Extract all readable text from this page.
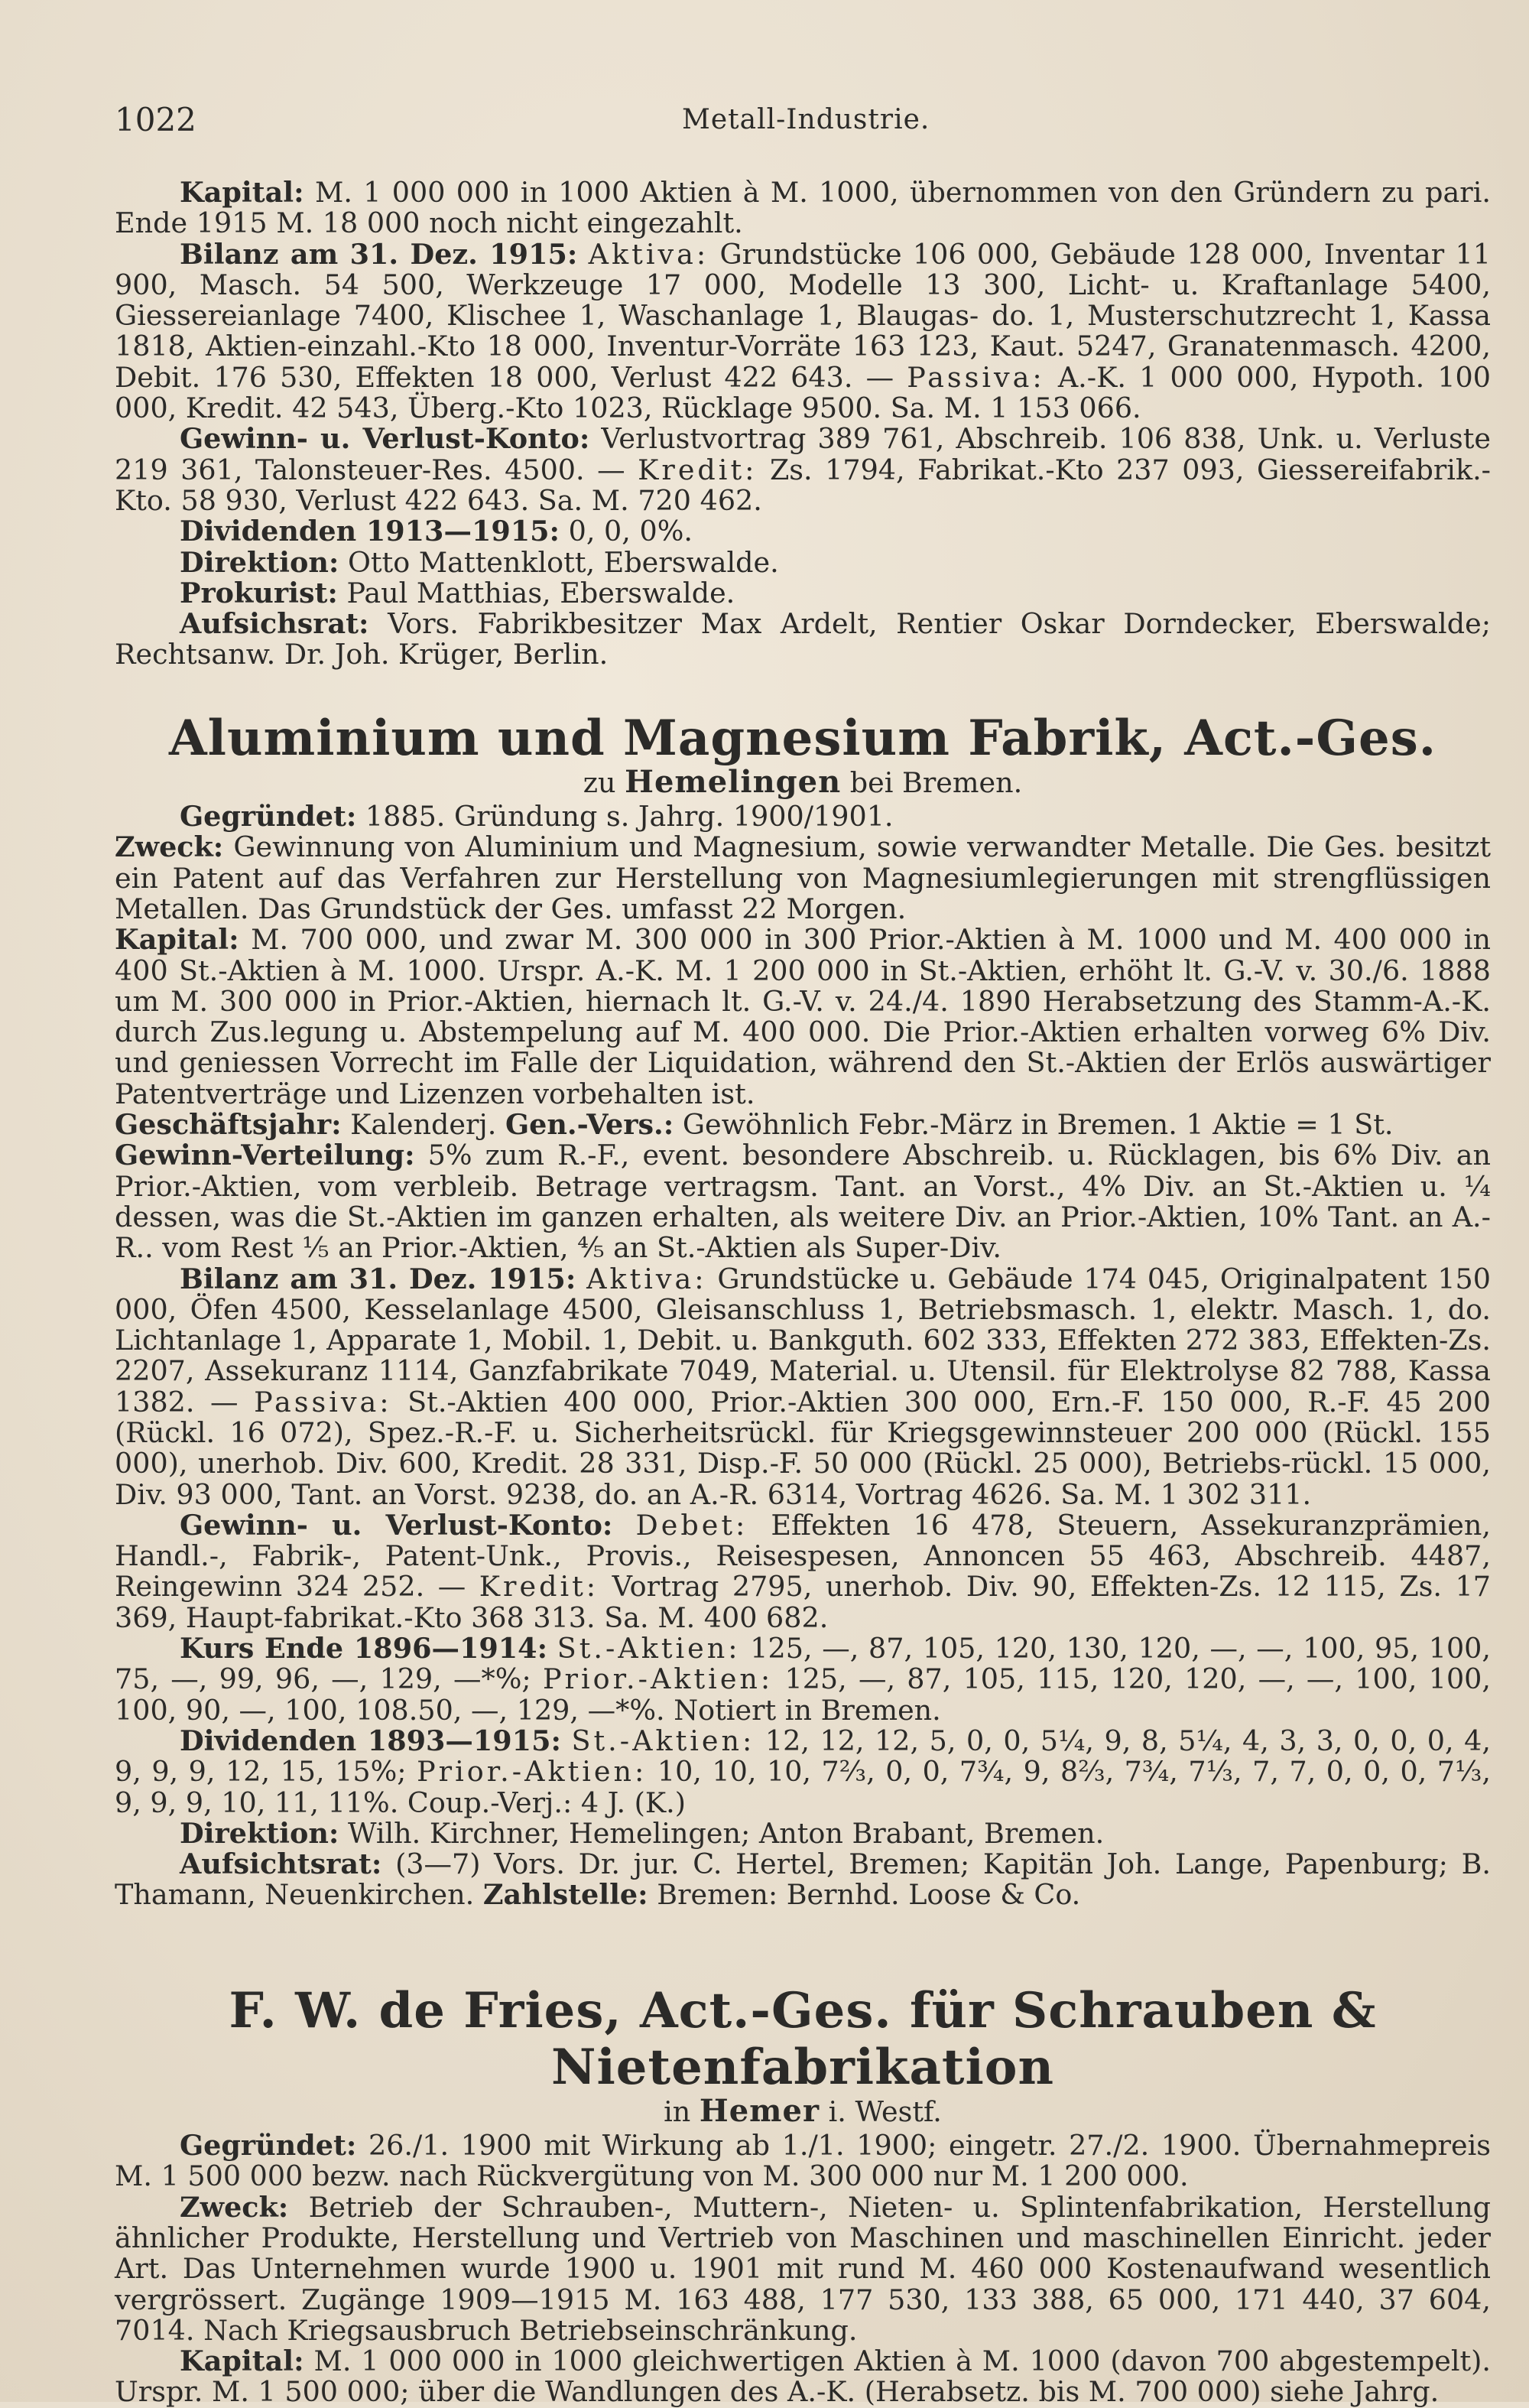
1022	Metall-Industrie.

Kapital: M. 1 000 000 in 1000 Aktien à M. 1000, übernommen von den Gründern zu pari. Ende 1915 M. 18 000 noch nicht eingezahlt.

Bilanz am 31. Dez. 1915: Aktiva: Grundstücke 106 000, Gebäude 128 000, Inventar 11 900, Masch. 54 500, Werkzeuge 17 000, Modelle 13 300, Licht- u. Kraftanlage 5400, Giessereianlage 7400, Klischee 1, Waschanlage 1, Blaugas- do. 1, Musterschutzrecht 1, Kassa 1818, Aktien-einzahl.-Kto 18 000, Inventur-Vorräte 163 123, Kaut. 5247, Granatenmasch. 4200, Debit. 176 530, Effekten 18 000, Verlust 422 643. — Passiva: A.-K. 1 000 000, Hypoth. 100 000, Kredit. 42 543, Überg.-Kto 1023, Rücklage 9500. Sa. M. 1 153 066.

Gewinn- u. Verlust-Konto: Verlustvortrag 389 761, Abschreib. 106 838, Unk. u. Verluste 219 361, Talonsteuer-Res. 4500. — Kredit: Zs. 1794, Fabrikat.-Kto 237 093, Giessereifabrik.-Kto. 58 930, Verlust 422 643. Sa. M. 720 462.

Dividenden 1913—1915: 0, 0, 0%.

Direktion: Otto Mattenklott, Eberswalde.

Prokurist: Paul Matthias, Eberswalde.

Aufsichsrat: Vors. Fabrikbesitzer Max Ardelt, Rentier Oskar Dorndecker, Eberswalde; Rechtsanw. Dr. Joh. Krüger, Berlin.

Aluminium und Magnesium Fabrik, Act.-Ges.

zu Hemelingen bei Bremen.

Gegründet: 1885. Gründung s. Jahrg. 1900/1901.

Zweck: Gewinnung von Aluminium und Magnesium, sowie verwandter Metalle. Die Ges. besitzt ein Patent auf das Verfahren zur Herstellung von Magnesiumlegierungen mit strengflüssigen Metallen. Das Grundstück der Ges. umfasst 22 Morgen.

Kapital: M. 700 000, und zwar M. 300 000 in 300 Prior.-Aktien à M. 1000 und M. 400 000 in 400 St.-Aktien à M. 1000. Urspr. A.-K. M. 1 200 000 in St.-Aktien, erhöht lt. G.-V. v. 30./6. 1888 um M. 300 000 in Prior.-Aktien, hiernach lt. G.-V. v. 24./4. 1890 Herabsetzung des Stamm-A.-K. durch Zus.legung u. Abstempelung auf M. 400 000. Die Prior.-Aktien erhalten vorweg 6% Div. und geniessen Vorrecht im Falle der Liquidation, während den St.-Aktien der Erlös auswärtiger Patentverträge und Lizenzen vorbehalten ist.

Geschäftsjahr: Kalenderj. Gen.-Vers.: Gewöhnlich Febr.-März in Bremen. 1 Aktie = 1 St.

Gewinn-Verteilung: 5% zum R.-F., event. besondere Abschreib. u. Rücklagen, bis 6% Div. an Prior.-Aktien, vom verbleib. Betrage vertragsm. Tant. an Vorst., 4% Div. an St.-Aktien u. ¼ dessen, was die St.-Aktien im ganzen erhalten, als weitere Div. an Prior.-Aktien, 10% Tant. an A.-R.. vom Rest ⅕ an Prior.-Aktien, ⅘ an St.-Aktien als Super-Div.

Bilanz am 31. Dez. 1915: Aktiva: Grundstücke u. Gebäude 174 045, Originalpatent 150 000, Öfen 4500, Kesselanlage 4500, Gleisanschluss 1, Betriebsmasch. 1, elektr. Masch. 1, do. Lichtanlage 1, Apparate 1, Mobil. 1, Debit. u. Bankguth. 602 333, Effekten 272 383, Effekten-Zs. 2207, Assekuranz 1114, Ganzfabrikate 7049, Material. u. Utensil. für Elektrolyse 82 788, Kassa 1382. — Passiva: St.-Aktien 400 000, Prior.-Aktien 300 000, Ern.-F. 150 000, R.-F. 45 200 (Rückl. 16 072), Spez.-R.-F. u. Sicherheitsrückl. für Kriegsgewinnsteuer 200 000 (Rückl. 155 000), unerhob. Div. 600, Kredit. 28 331, Disp.-F. 50 000 (Rückl. 25 000), Betriebs-rückl. 15 000, Div. 93 000, Tant. an Vorst. 9238, do. an A.-R. 6314, Vortrag 4626. Sa. M. 1 302 311.

Gewinn- u. Verlust-Konto: Debet: Effekten 16 478, Steuern, Assekuranzprämien, Handl.-, Fabrik-, Patent-Unk., Provis., Reisespesen, Annoncen 55 463, Abschreib. 4487, Reingewinn 324 252. — Kredit: Vortrag 2795, unerhob. Div. 90, Effekten-Zs. 12 115, Zs. 17 369, Haupt-fabrikat.-Kto 368 313. Sa. M. 400 682.

Kurs Ende 1896—1914: St.-Aktien: 125, —, 87, 105, 120, 130, 120, —, —, 100, 95, 100, 75, —, 99, 96, —, 129, —*%; Prior.-Aktien: 125, —, 87, 105, 115, 120, 120, —, —, 100, 100, 100, 90, —, 100, 108.50, —, 129, —*%. Notiert in Bremen.

Dividenden 1893—1915: St.-Aktien: 12, 12, 12, 5, 0, 0, 5¼, 9, 8, 5¼, 4, 3, 3, 0, 0, 0, 4, 9, 9, 9, 12, 15, 15%; Prior.-Aktien: 10, 10, 10, 7⅔, 0, 0, 7¾, 9, 8⅔, 7¾, 7⅓, 7, 7, 0, 0, 0, 7⅓, 9, 9, 9, 10, 11, 11%. Coup.-Verj.: 4 J. (K.)

Direktion: Wilh. Kirchner, Hemelingen; Anton Brabant, Bremen.

Aufsichtsrat: (3—7) Vors. Dr. jur. C. Hertel, Bremen; Kapitän Joh. Lange, Papenburg; B. Thamann, Neuenkirchen. Zahlstelle: Bremen: Bernhd. Loose & Co.

F. W. de Fries, Act.-Ges. für Schrauben & Nietenfabrikation

in Hemer i. Westf.

Gegründet: 26./1. 1900 mit Wirkung ab 1./1. 1900; eingetr. 27./2. 1900. Übernahmepreis M. 1 500 000 bezw. nach Rückvergütung von M. 300 000 nur M. 1 200 000.

Zweck: Betrieb der Schrauben-, Muttern-, Nieten- u. Splintenfabrikation, Herstellung ähnlicher Produkte, Herstellung und Vertrieb von Maschinen und maschinellen Einricht. jeder Art. Das Unternehmen wurde 1900 u. 1901 mit rund M. 460 000 Kostenaufwand wesentlich vergrössert. Zugänge 1909—1915 M. 163 488, 177 530, 133 388, 65 000, 171 440, 37 604, 7014. Nach Kriegsausbruch Betriebseinschränkung.

Kapital: M. 1 000 000 in 1000 gleichwertigen Aktien à M. 1000 (davon 700 abgestempelt). Urspr. M. 1 500 000; über die Wandlungen des A.-K. (Herabsetz. bis M. 700 000) siehe Jahrg.
